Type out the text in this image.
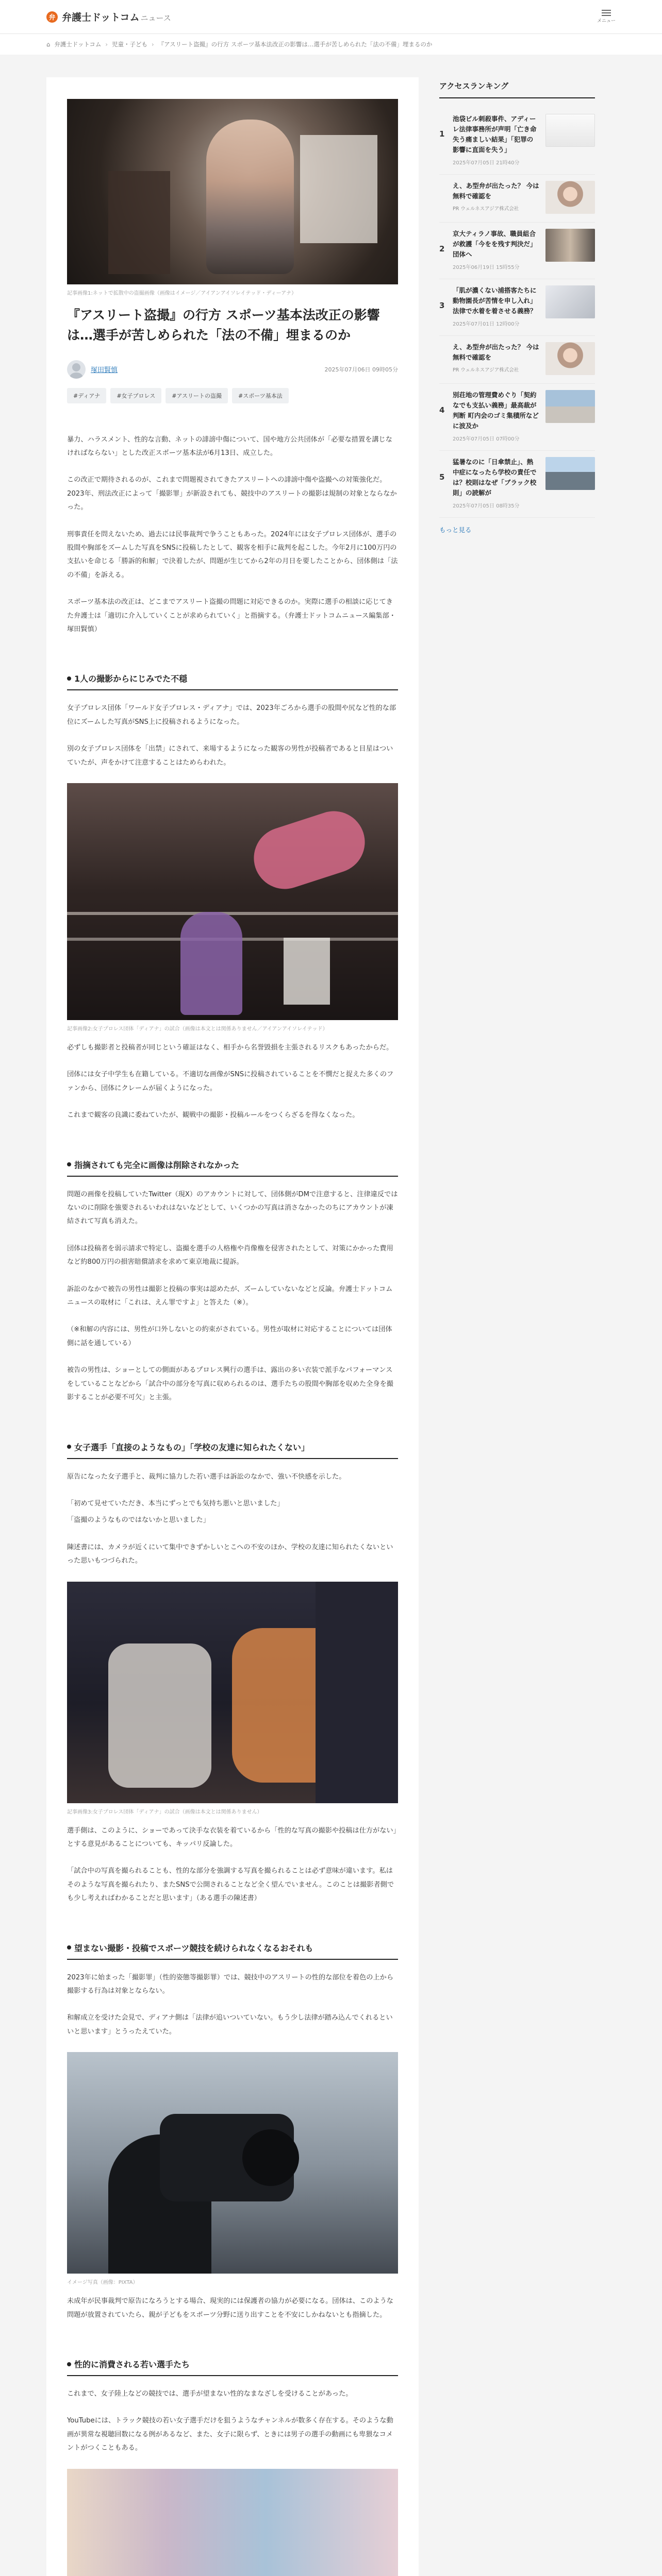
弁 弁護士ドットコム ニュース	メニュー
⌂ 弁護士ドットコム › 児童・子ども › 『アスリート盗撮』の行方 スポーツ基本法改正の影響は…選手が苦しめられた「法の不備」埋まるのか
記事画像1:ネットで拡散中の盗撮画像（画像はイメージ／アイアンアイソレイテッド・ディーアナ）
『アスリート盗撮』の行方 スポーツ基本法改正の影響は…選手が苦しめられた「法の不備」埋まるのか
塚田賢慎	2025年07月06日 09時05分
#ディアナ	#女子プロレス	#アスリートの盗撮	#スポーツ基本法

暴力、ハラスメント、性的な言動、ネットの誹謗中傷について、国や地方公共団体が「必要な措置を講じなければならない」とした改正スポーツ基本法が6月13日、成立した。

この改正で期待されるのが、これまで問題視されてきたアスリートへの誹謗中傷や盗撮への対策強化だ。2023年、刑法改正によって「撮影罪」が新設されても、競技中のアスリートの撮影は規制の対象とならなかった。

刑事責任を問えないため、過去には民事裁判で争うこともあった。2024年には女子プロレス団体が、選手の股間や胸部をズームした写真をSNSに投稿したとして、観客を相手に裁判を起こした。今年2月に100万円の支払いを命じる「勝訴的和解」で決着したが、問題が生じてから2年の月日を要したことから、団体側は「法の不備」を訴える。

スポーツ基本法の改正は、どこまでアスリート盗撮の問題に対応できるのか。実際に選手の相談に応じてきた弁護士は「適切に介入していくことが求められていく」と指摘する。（弁護士ドットコムニュース編集部・塚田賢慎）

1人の撮影からにじみでた不穏

女子プロレス団体「ワールド女子プロレス・ディアナ」では、2023年ごろから選手の股間や尻など性的な部位にズームした写真がSNS上に投稿されるようになった。

別の女子プロレス団体を「出禁」にされて、来場するようになった観客の男性が投稿者であると目星はついていたが、声をかけて注意することはためらわれた。

記事画像2:女子プロレス団体「ディアナ」の試合（画像は本文とは関係ありません／アイアンアイソレイテッド）

必ずしも撮影者と投稿者が同じという確証はなく、相手から名誉毀損を主張されるリスクもあったからだ。

団体には女子中学生も在籍している。不適切な画像がSNSに投稿されていることを不憫だと捉えた多くのファンから、団体にクレームが届くようになった。

これまで観客の良識に委ねていたが、観戦中の撮影・投稿ルールをつくらざるを得なくなった。

指摘されても完全に画像は削除されなかった

問題の画像を投稿していたTwitter（現X）のアカウントに対して、団体側がDMで注意すると、注律違反ではないのに削除を強要されるいわれはないなどとして、いくつかの写真は消さなかったのちにアカウントが凍結されて写真も消えた。

団体は投稿者を弱示請求で特定し、盗撮を選手の人格権や肖像権を侵害されたとして、対策にかかった費用など約800万円の損害賠償請求を求めて東京地裁に提訴。

訴訟のなかで被告の男性は撮影と投稿の事実は認めたが、ズームしていないなどと反論。弁護士ドットコムニュースの取材に「これは、えん罪ですよ」と答えた（※）。

（※和解の内容には、男性が口外しないとの約束がされている。男性が取材に対応することについては団体側に話を通している）

被告の男性は、ショーとしての側面があるプロレス興行の選手は、露出の多い衣装で派手なパフォーマンスをしていることなどから「試合中の部分を写真に収められるのは、選手たちの股間や胸部を収めた全身を撮影することが必要不可欠」と主張。

女子選手「直接のようなもの」「学校の友達に知られたくない」

原告になった女子選手と、裁判に協力した若い選手は訴訟のなかで、強い不快感を示した。

「初めて見せていただき、本当にずっとでも気持ち悪いと思いました」

「盗撮のようなものではないかと思いました」

陳述書には、カメラが近くにいて集中できずかしいとこへの不安のほか、学校の友達に知られたくないといった思いもつづられた。

記事画像3:女子プロレス団体「ディアナ」の試合（画像は本文とは関係ありません）

選手側は、このように、ショーであって決手な衣装を着ているから「性的な写真の撮影や投稿は仕方がない」とする意見があることについても、キッパリ反論した。

「試合中の写真を撮られることも、性的な部分を強調する写真を撮られることは必ず意味が違います。私はそのような写真を撮られたり、またSNSで公開されることなど全く望んでいません。このことは撮影者側でも少し考えればわかることだと思います」（ある選手の陳述書）

望まない撮影・投稿でスポーツ競技を続けられなくなるおそれも

2023年に始まった「撮影罪」（性的姿態等撮影罪）では、競技中のアスリートの性的な部位を着色の上から撮影する行為は対象とならない。

和解成立を受けた会見で、ディアナ側は「法律が追いついていない。もう少し法律が踏み込んでくれるといいと思います」とうったえていた。

イメージ写真（画像：PIXTA）

未成年が民事裁判で原告になろうとする場合、現実的には保護者の協力が必要になる。団体は、このような問題が放置されていたら、親が子どもをスポーツ分野に送り出すことを不安にしかねないとも指摘した。

性的に消費される若い選手たち

これまで、女子陸上などの競技では、選手が望まない性的なまなざしを受けることがあった。

YouTubeには、トラック競技の若い女子選手だけを狙うようなチャンネルが数多く存在する。そのような動画が異常な視聴回数になる例があるなど、また、女子に限らず、ときには男子の選手の動画にも卑猥なコメントがつくこともある。

アクセスランキング
1
池袋ビル刺殺事件、アディーレ法律事務所が声明「亡き命失う痛ましい結果」「犯罪の影響に直面を失う」
2025年07月05日 21時40分
え、あ型弁が出たった？ 今は無料で確認を
PR ウェルネスアジア株式会社
2
京大ティラノ事故、職員組合が救護「今をを残す判決だ」団体へ
2025年06月19日 15時55分
3
「肌が濃くない浦搭客たちに動物園長が苦情を申し入れ」法律で水着を着させる義務？
2025年07月01日 12時00分
え、あ型弁が出たった？ 今は無料で確認を
PR ウェルネスアジア株式会社
4
別荘地の管理費めぐり「契約なでも支払い義務」最高裁が判断 町内会のゴミ集積所などに波及か
2025年07月05日 07時00分
5
猛暑なのに「日傘禁止」、熱中症になったら学校の責任では？校則はなぜ「ブラック校則」の読解が
2025年07月05日 08時35分
もっと見る
